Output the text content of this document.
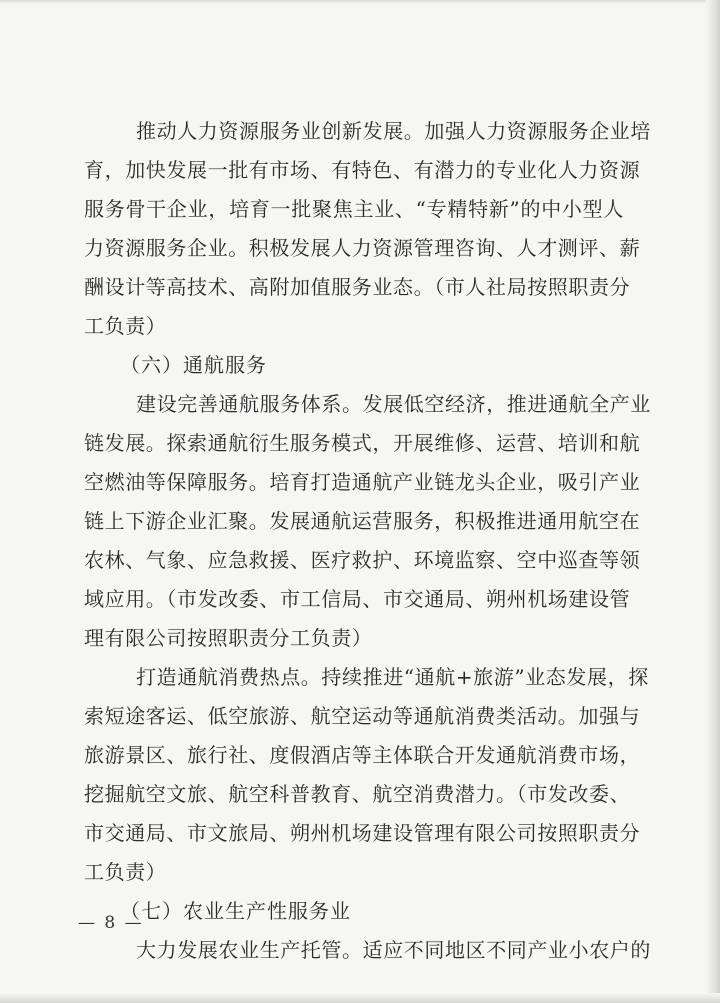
推动人力资源服务业创新发展。加强人力资源服务企业培
育，加快发展一批有市场、有特色、有潜力的专业化人力资源
服务骨干企业，培育一批聚焦主业、“专精特新”的中小型人
力资源服务企业。积极发展人力资源管理咨询、人才测评、薪
酬设计等高技术、高附加值服务业态。（市人社局按照职责分
工负责）
（六）通航服务
建设完善通航服务体系。发展低空经济，推进通航全产业
链发展。探索通航衍生服务模式，开展维修、运营、培训和航
空燃油等保障服务。培育打造通航产业链龙头企业，吸引产业
链上下游企业汇聚。发展通航运营服务，积极推进通用航空在
农林、气象、应急救援、医疗救护、环境监察、空中巡查等领
域应用。（市发改委、市工信局、市交通局、朔州机场建设管
理有限公司按照职责分工负责）
打造通航消费热点。持续推进“通航+旅游”业态发展，探
索短途客运、低空旅游、航空运动等通航消费类活动。加强与
旅游景区、旅行社、度假酒店等主体联合开发通航消费市场，
挖掘航空文旅、航空科普教育、航空消费潜力。（市发改委、
市交通局、市文旅局、朔州机场建设管理有限公司按照职责分
工负责）
（七）农业生产性服务业
大力发展农业生产托管。适应不同地区不同产业小农户的
— 8 —
